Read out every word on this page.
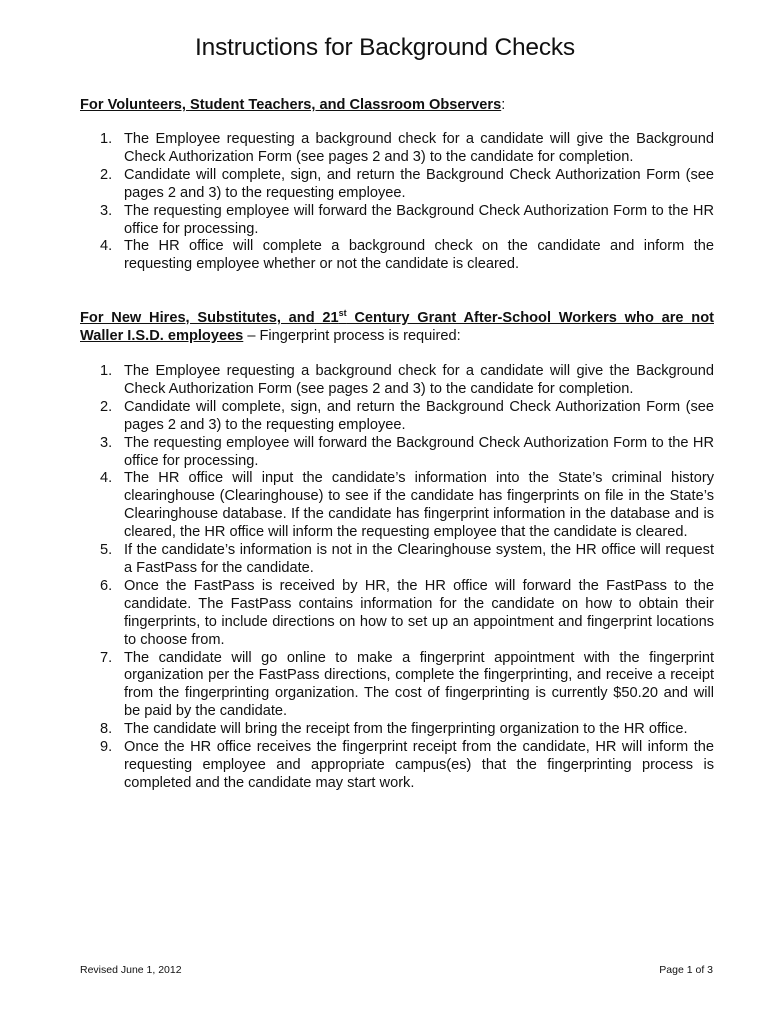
Instructions for Background Checks

For Volunteers, Student Teachers, and Classroom Observers:

1. The Employee requesting a background check for a candidate will give the Background Check Authorization Form (see pages 2 and 3) to the candidate for completion.
2. Candidate will complete, sign, and return the Background Check Authorization Form (see pages 2 and 3) to the requesting employee.
3. The requesting employee will forward the Background Check Authorization Form to the HR office for processing.
4. The HR office will complete a background check on the candidate and inform the requesting employee whether or not the candidate is cleared.

For New Hires, Substitutes, and 21st Century Grant After-School Workers who are not Waller I.S.D. employees – Fingerprint process is required:

1. The Employee requesting a background check for a candidate will give the Background Check Authorization Form (see pages 2 and 3) to the candidate for completion.
2. Candidate will complete, sign, and return the Background Check Authorization Form (see pages 2 and 3) to the requesting employee.
3. The requesting employee will forward the Background Check Authorization Form to the HR office for processing.
4. The HR office will input the candidate’s information into the State’s criminal history clearinghouse (Clearinghouse) to see if the candidate has fingerprints on file in the State’s Clearinghouse database. If the candidate has fingerprint information in the database and is cleared, the HR office will inform the requesting employee that the candidate is cleared.
5. If the candidate’s information is not in the Clearinghouse system, the HR office will request a FastPass for the candidate.
6. Once the FastPass is received by HR, the HR office will forward the FastPass to the candidate. The FastPass contains information for the candidate on how to obtain their fingerprints, to include directions on how to set up an appointment and fingerprint locations to choose from.
7. The candidate will go online to make a fingerprint appointment with the fingerprint organization per the FastPass directions, complete the fingerprinting, and receive a receipt from the fingerprinting organization. The cost of fingerprinting is currently $50.20 and will be paid by the candidate.
8. The candidate will bring the receipt from the fingerprinting organization to the HR office.
9. Once the HR office receives the fingerprint receipt from the candidate, HR will inform the requesting employee and appropriate campus(es) that the fingerprinting process is completed and the candidate may start work.
Revised June 1, 2012	Page 1 of 3
